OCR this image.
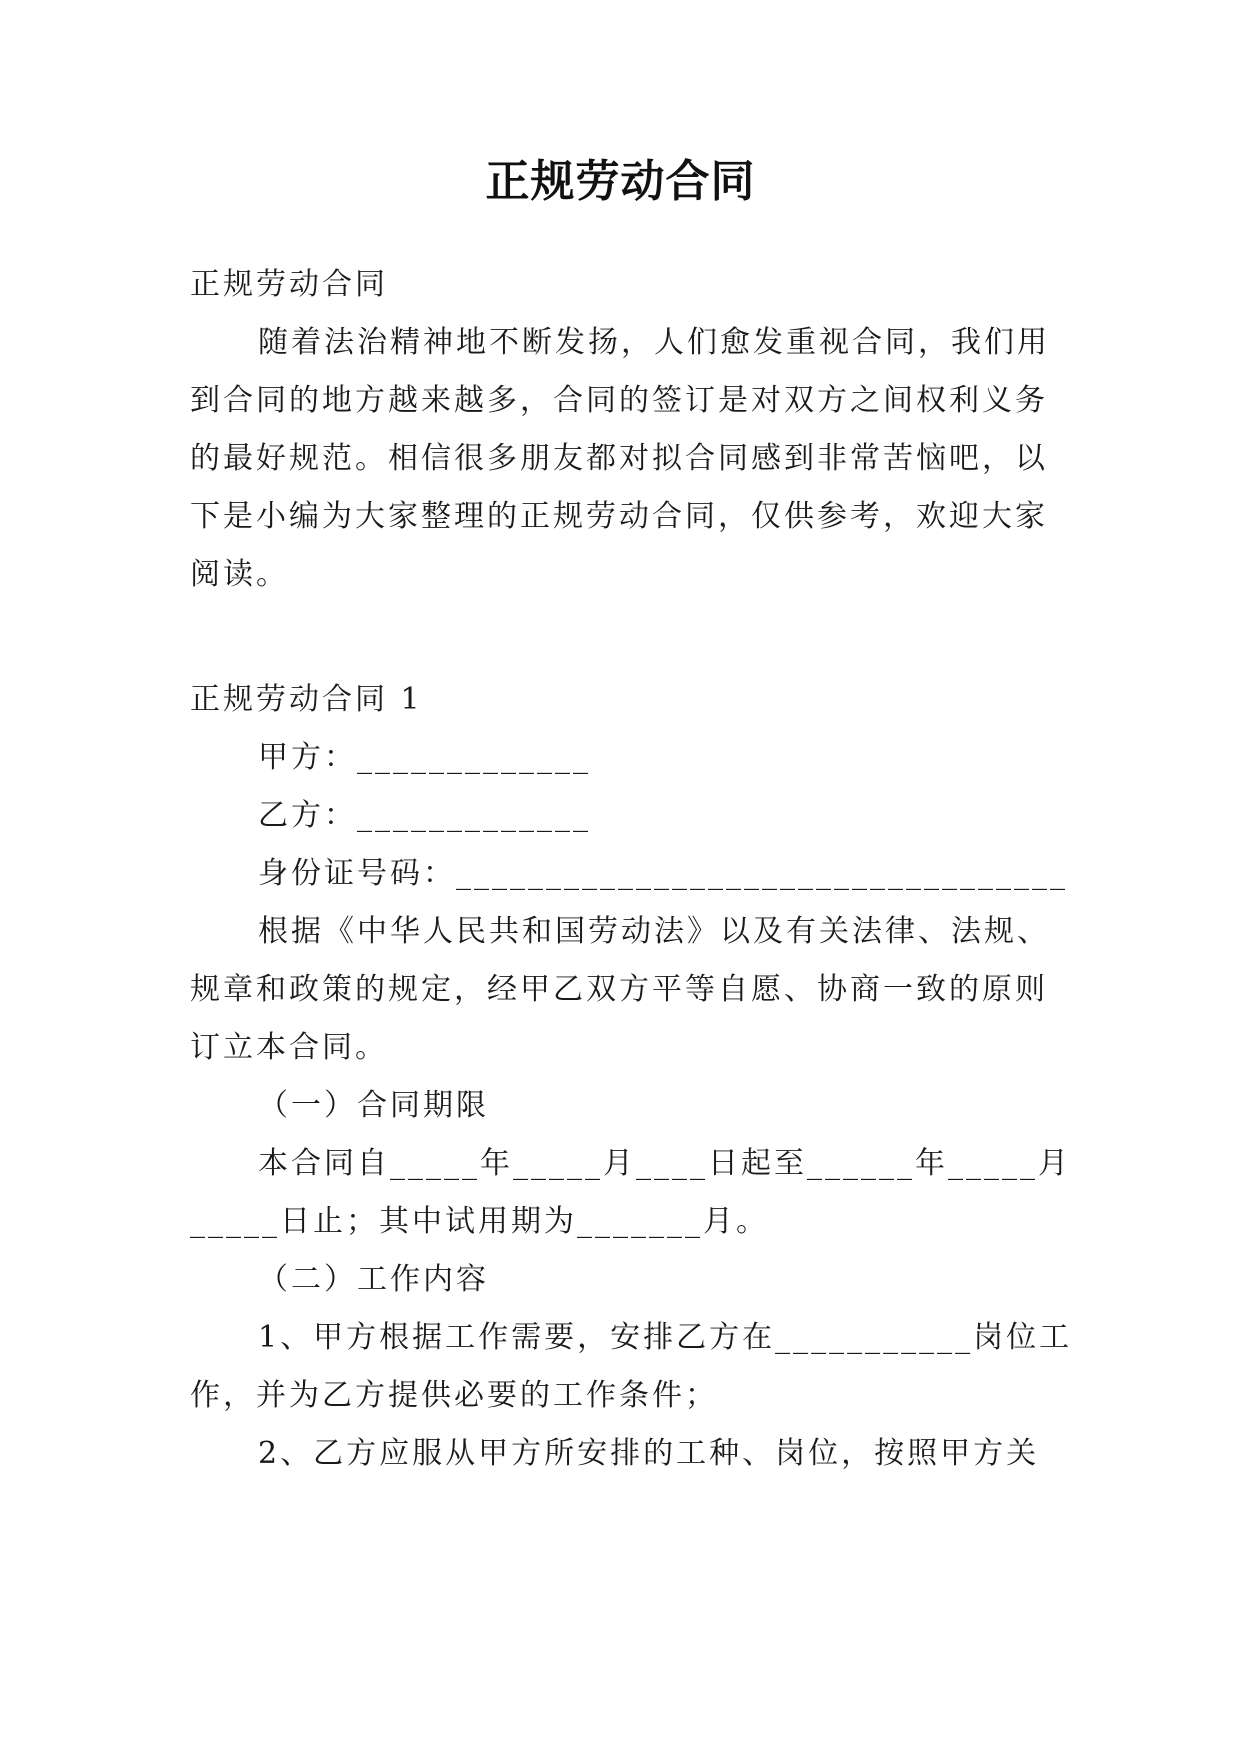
正规劳动合同
正规劳动合同
随着法治精神地不断发扬，人们愈发重视合同，我们用
到合同的地方越来越多，合同的签订是对双方之间权利义务
的最好规范。相信很多朋友都对拟合同感到非常苦恼吧，以
下是小编为大家整理的正规劳动合同，仅供参考，欢迎大家
阅读。
正规劳动合同 1
甲方：_____________
乙方：_____________
身份证号码：__________________________________
根据《中华人民共和国劳动法》以及有关法律、法规、
规章和政策的规定，经甲乙双方平等自愿、协商一致的原则
订立本合同。
（一）合同期限
本合同自_____年_____月____日起至______年_____月
_____日止；其中试用期为_______月。
（二）工作内容
1、甲方根据工作需要，安排乙方在___________岗位工
作，并为乙方提供必要的工作条件；
2、乙方应服从甲方所安排的工种、岗位，按照甲方关
